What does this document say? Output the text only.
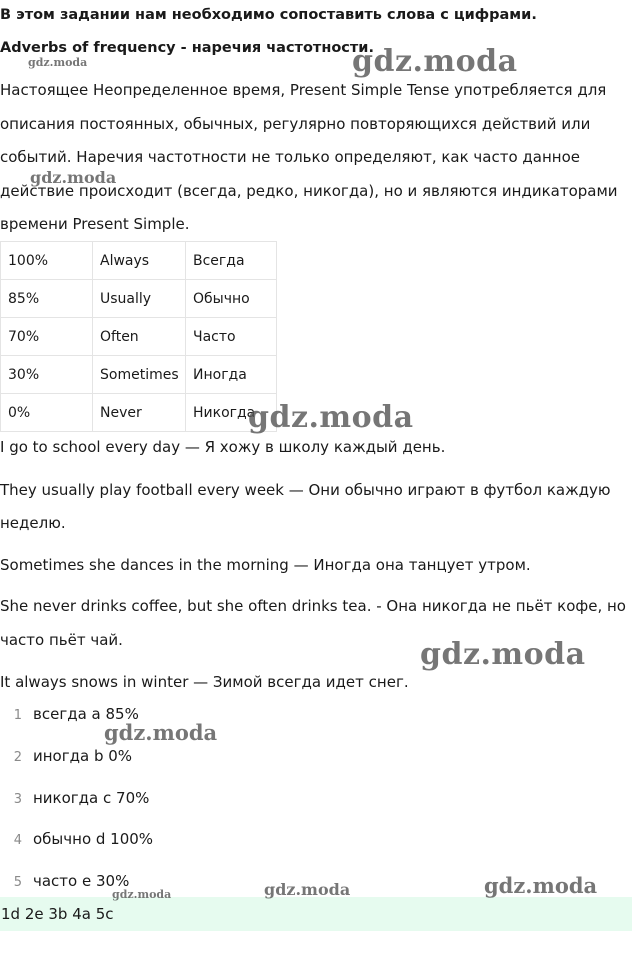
В этом задании нам необходимо сопоставить слова с цифрами.
Adverbs of frequency - наречия частотности.
Настоящее Неопределенное время, Present Simple Tense употребляется для
описания постоянных, обычных, регулярно повторяющихся действий или
событий. Наречия частотности не только определяют, как часто данное
действие происходит (всегда, редко, никогда), но и являются индикаторами
времени Present Simple.
100%	Always	Всегда
85%	Usually	Обычно
70%	Often	Часто
30%	Sometimes	Иногда
0%	Never	Никогда
I go to school every day — Я хожу в школу каждый день.
They usually play football every week — Они обычно играют в футбол каждую
неделю.
Sometimes she dances in the morning — Иногда она танцует утром.
She never drinks coffee, but she often drinks tea. - Она никогда не пьёт кофе, но
часто пьёт чай.
It always snows in winter — Зимой всегда идет снег.
1 всегда a 85%
2 иногда b 0%
3 никогда c 70%
4 обычно d 100%
5 часто e 30%
1d 2e 3b 4a 5c
gdz.moda
gdz.moda
gdz.moda
gdz.moda
gdz.moda
gdz.moda
gdz.moda	gdz.moda	gdz.moda
